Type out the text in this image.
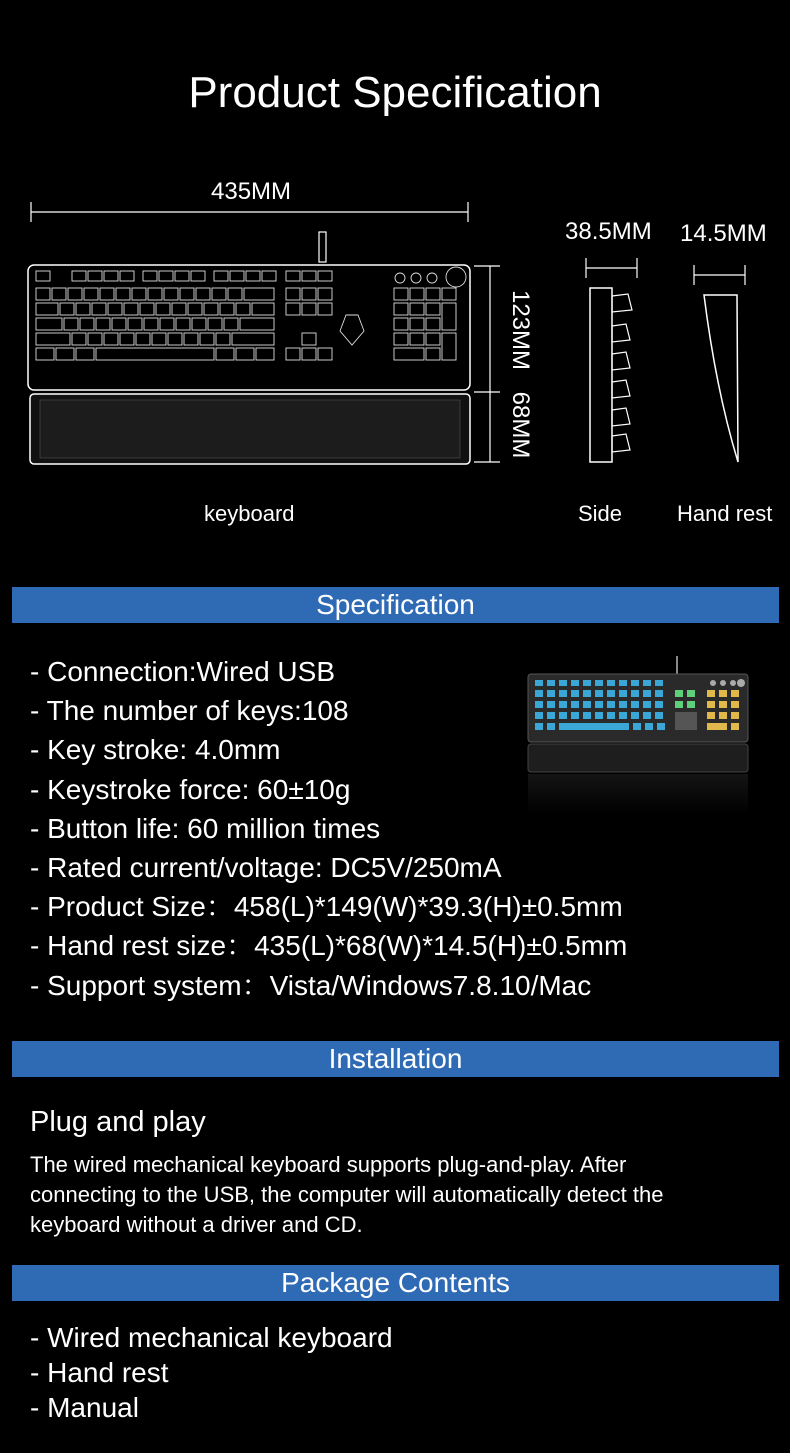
Product Specification
435MM
38.5MM 14.5MM
123MM
68MM
keyboard	Side Hand rest
Specification
- Connection:Wired USB
- The number of keys:108
- Key stroke: 4.0mm
- Keystroke force: 60±10g
- Button life: 60 million times
- Rated current/voltage: DC5V/250mA
- Product Size：458(L)*149(W)*39.3(H)±0.5mm
- Hand rest size：435(L)*68(W)*14.5(H)±0.5mm
- Support system：Vista/Windows7.8.10/Mac
Installation
Plug and play
The wired mechanical keyboard supports plug-and-play. After connecting to the USB, the computer will automatically detect the keyboard without a driver and CD.
Package Contents
- Wired mechanical keyboard
- Hand rest
- Manual
